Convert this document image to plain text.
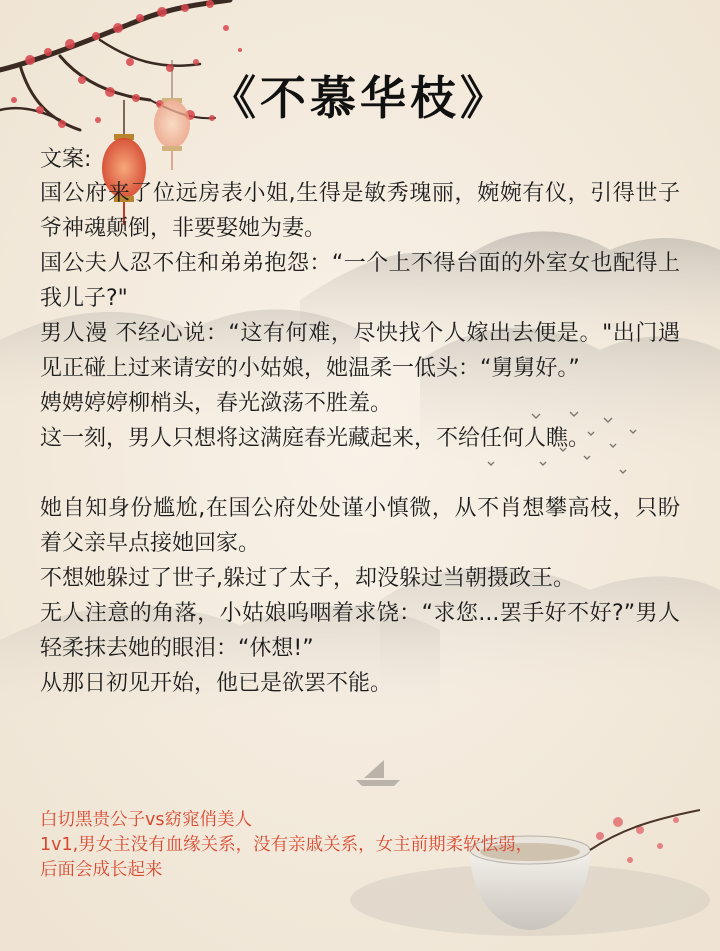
《不慕华枝》
文案:

国公府来了位远房表小姐,生得是敏秀瑰丽，婉婉有仪，引得世子爷神魂颠倒，非要娶她为妻。

国公夫人忍不住和弟弟抱怨：“一个上不得台面的外室女也配得上我儿子?"

男人漫 不经心说：“这有何难，尽快找个人嫁出去便是。"出门遇见正碰上过来请安的小姑娘，她温柔一低头：“舅舅好。”

娉娉婷婷柳梢头，春光潋荡不胜羞。

这一刻，男人只想将这满庭春光藏起来，不给任何人瞧。

她自知身份尴尬,在国公府处处谨小慎微，从不肖想攀高枝，只盼着父亲早点接她回家。

不想她躲过了世子,躲过了太子，却没躲过当朝摄政王。

无人注意的角落，小姑娘呜咽着求饶：“求您...罢手好不好?”男人轻柔抹去她的眼泪：“休想!”

从那日初见开始，他已是欲罢不能。

白切黑贵公子vs窈窕俏美人

1v1,男女主没有血缘关系，没有亲戚关系，女主前期柔软怯弱，

后面会成长起来
